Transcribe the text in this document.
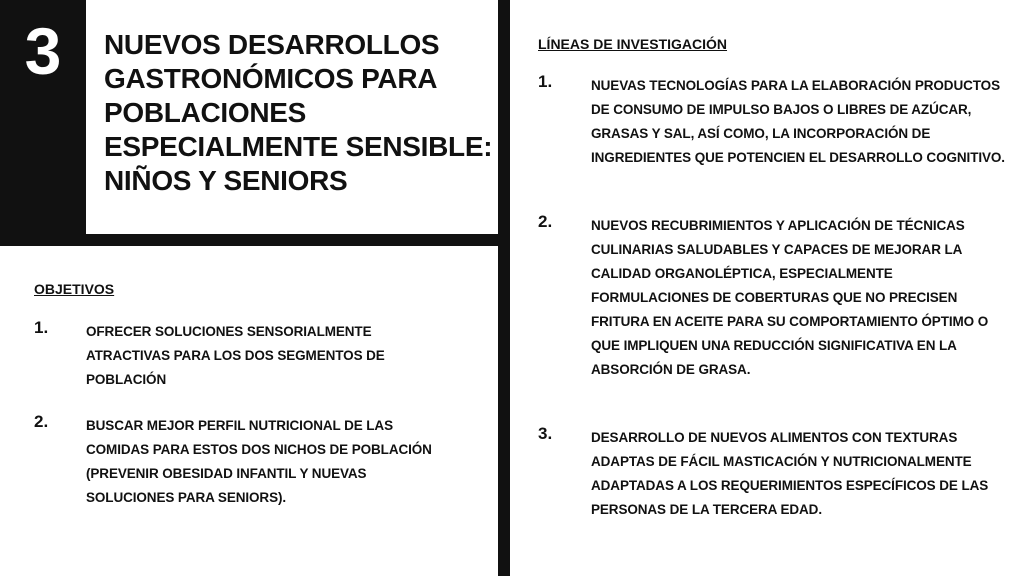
3	NUEVOS DESARROLLOS GASTRONÓMICOS PARA POBLACIONES ESPECIALMENTE SENSIBLE: NIÑOS Y SENIORS
OBJETIVOS
1.	OFRECER SOLUCIONES SENSORIALMENTE ATRACTIVAS PARA LOS DOS SEGMENTOS DE POBLACIÓN
2.	BUSCAR MEJOR PERFIL NUTRICIONAL DE LAS COMIDAS PARA ESTOS DOS NICHOS DE POBLACIÓN (PREVENIR OBESIDAD INFANTIL Y NUEVAS SOLUCIONES PARA SENIORS).
LÍNEAS DE INVESTIGACIÓN
1.	NUEVAS TECNOLOGÍAS PARA LA ELABORACIÓN PRODUCTOS DE CONSUMO DE IMPULSO BAJOS O LIBRES DE AZÚCAR, GRASAS Y SAL, ASÍ COMO, LA INCORPORACIÓN DE INGREDIENTES QUE POTENCIEN EL DESARROLLO COGNITIVO.
2.	NUEVOS RECUBRIMIENTOS Y APLICACIÓN DE TÉCNICAS CULINARIAS SALUDABLES Y CAPACES DE MEJORAR LA CALIDAD ORGANOLÉPTICA, ESPECIALMENTE FORMULACIONES DE COBERTURAS QUE NO PRECISEN FRITURA EN ACEITE PARA SU COMPORTAMIENTO ÓPTIMO O QUE IMPLIQUEN UNA REDUCCIÓN SIGNIFICATIVA EN LA ABSORCIÓN DE GRASA.
3.	DESARROLLO DE NUEVOS ALIMENTOS CON TEXTURAS ADAPTAS DE FÁCIL MASTICACIÓN Y NUTRICIONALMENTE ADAPTADAS A LOS REQUERIMIENTOS ESPECÍFICOS DE LAS PERSONAS DE LA TERCERA EDAD.
